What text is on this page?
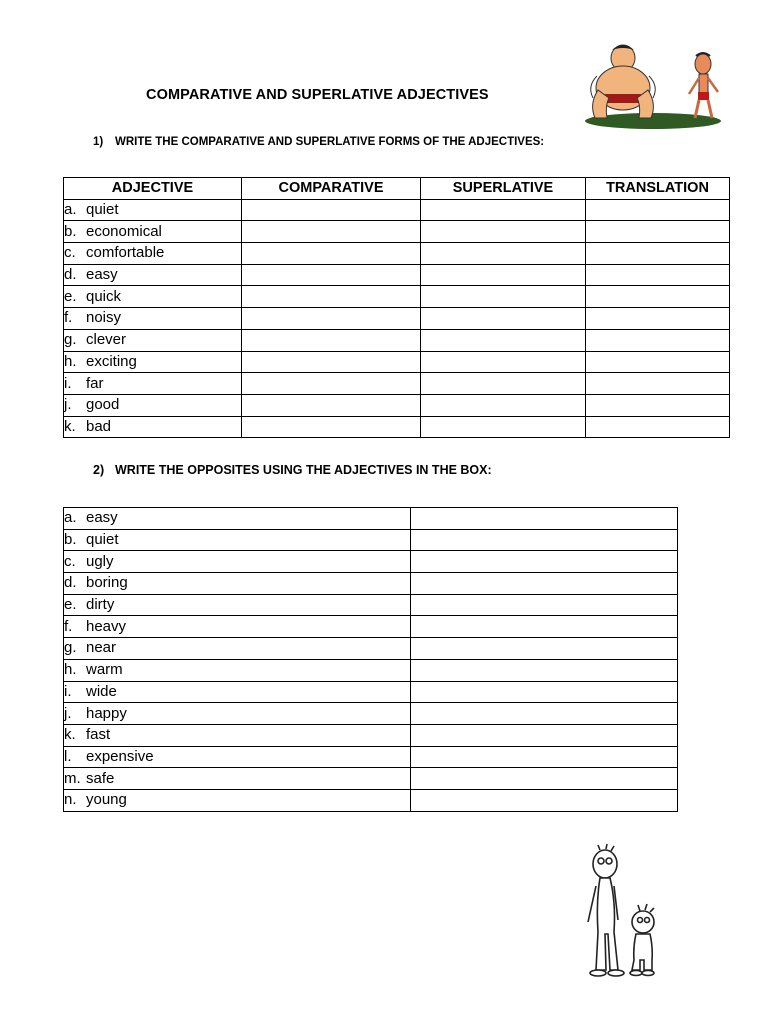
COMPARATIVE AND SUPERLATIVE ADJECTIVES
1) WRITE THE COMPARATIVE AND SUPERLATIVE FORMS OF THE ADJECTIVES:
ADJECTIVE	COMPARATIVE	SUPERLATIVE	TRANSLATION
a. quiet			
b. economical			
c. comfortable			
d. easy			
e. quick			
f. noisy			
g. clever			
h. exciting			
i. far			
j. good			
k. bad			
2) WRITE THE OPPOSITES USING THE ADJECTIVES IN THE BOX:
a. easy	
b. quiet	
c. ugly	
d. boring	
e. dirty	
f. heavy	
g. near	
h. warm	
i. wide	
j. happy	
k. fast	
l. expensive	
m. safe	
n. young	
